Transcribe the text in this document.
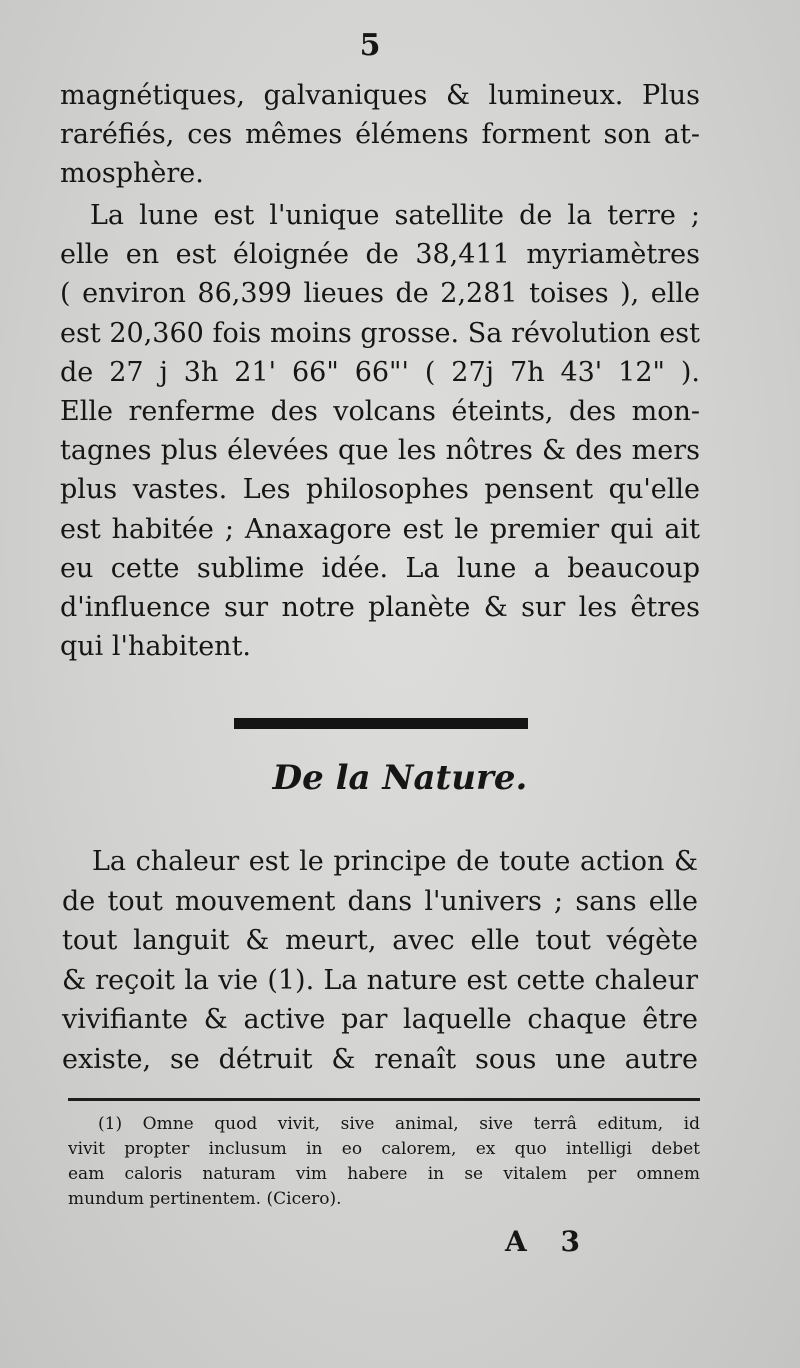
5
magnétiques, galvaniques & lumineux. Plus
raréfiés, ces mêmes élémens forment son at-
mosphère.
La lune est l'unique satellite de la terre ;
elle en est éloignée de 38,411 myriamètres
( environ 86,399 lieues de 2,281 toises ), elle
est 20,360 fois moins grosse. Sa révolution est
de 27 j 3h 21' 66" 66"' ( 27j 7h 43' 12" ).
Elle renferme des volcans éteints, des mon-
tagnes plus élevées que les nôtres & des mers
plus vastes. Les philosophes pensent qu'elle
est habitée ; Anaxagore est le premier qui ait
eu cette sublime idée. La lune a beaucoup
d'influence sur notre planète & sur les êtres
qui l'habitent.
De la Nature.
La chaleur est le principe de toute action &
de tout mouvement dans l'univers ; sans elle
tout languit & meurt, avec elle tout végète
& reçoit la vie (1). La nature est cette chaleur
vivifiante & active par laquelle chaque être
existe, se détruit & renaît sous une autre
(1) Omne quod vivit, sive animal, sive terrâ editum, id
vivit propter inclusum in eo calorem, ex quo intelligi debet
eam caloris naturam vim habere in se vitalem per omnem
mundum pertinentem. (Cicero).
A 3
